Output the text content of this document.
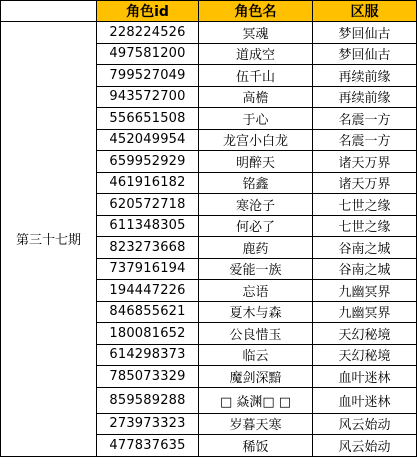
	角色id	角色名	区服
第三十七期	228224526	冥魂	梦回仙古
	497581200	道成空	梦回仙古
	799527049	伍千山	再续前缘
	943572700	高檐	再续前缘
	556651508	于心	名震一方
	452049954	龙宫小白龙	名震一方
	659952929	明醉天	诸天万界
	461916182	铭鑫	诸天万界
	620572718	寒沧子	七世之缘
	611348305	何必了	七世之缘
	823273668	鹿药	谷南之城
	737916194	爱能一族	谷南之城
	194447226	忘语	九幽冥界
	846855621	夏木与森	九幽冥界
	180081652	公良惜玉	天幻秘境
	614298373	临云	天幻秘境
	785073329	魔剑深黯	血叶迷林
	859589288	□ 焱渊□ □	血叶迷林
	273973323	岁暮天寒	风云始动
	477837635	稀饭	风云始动
